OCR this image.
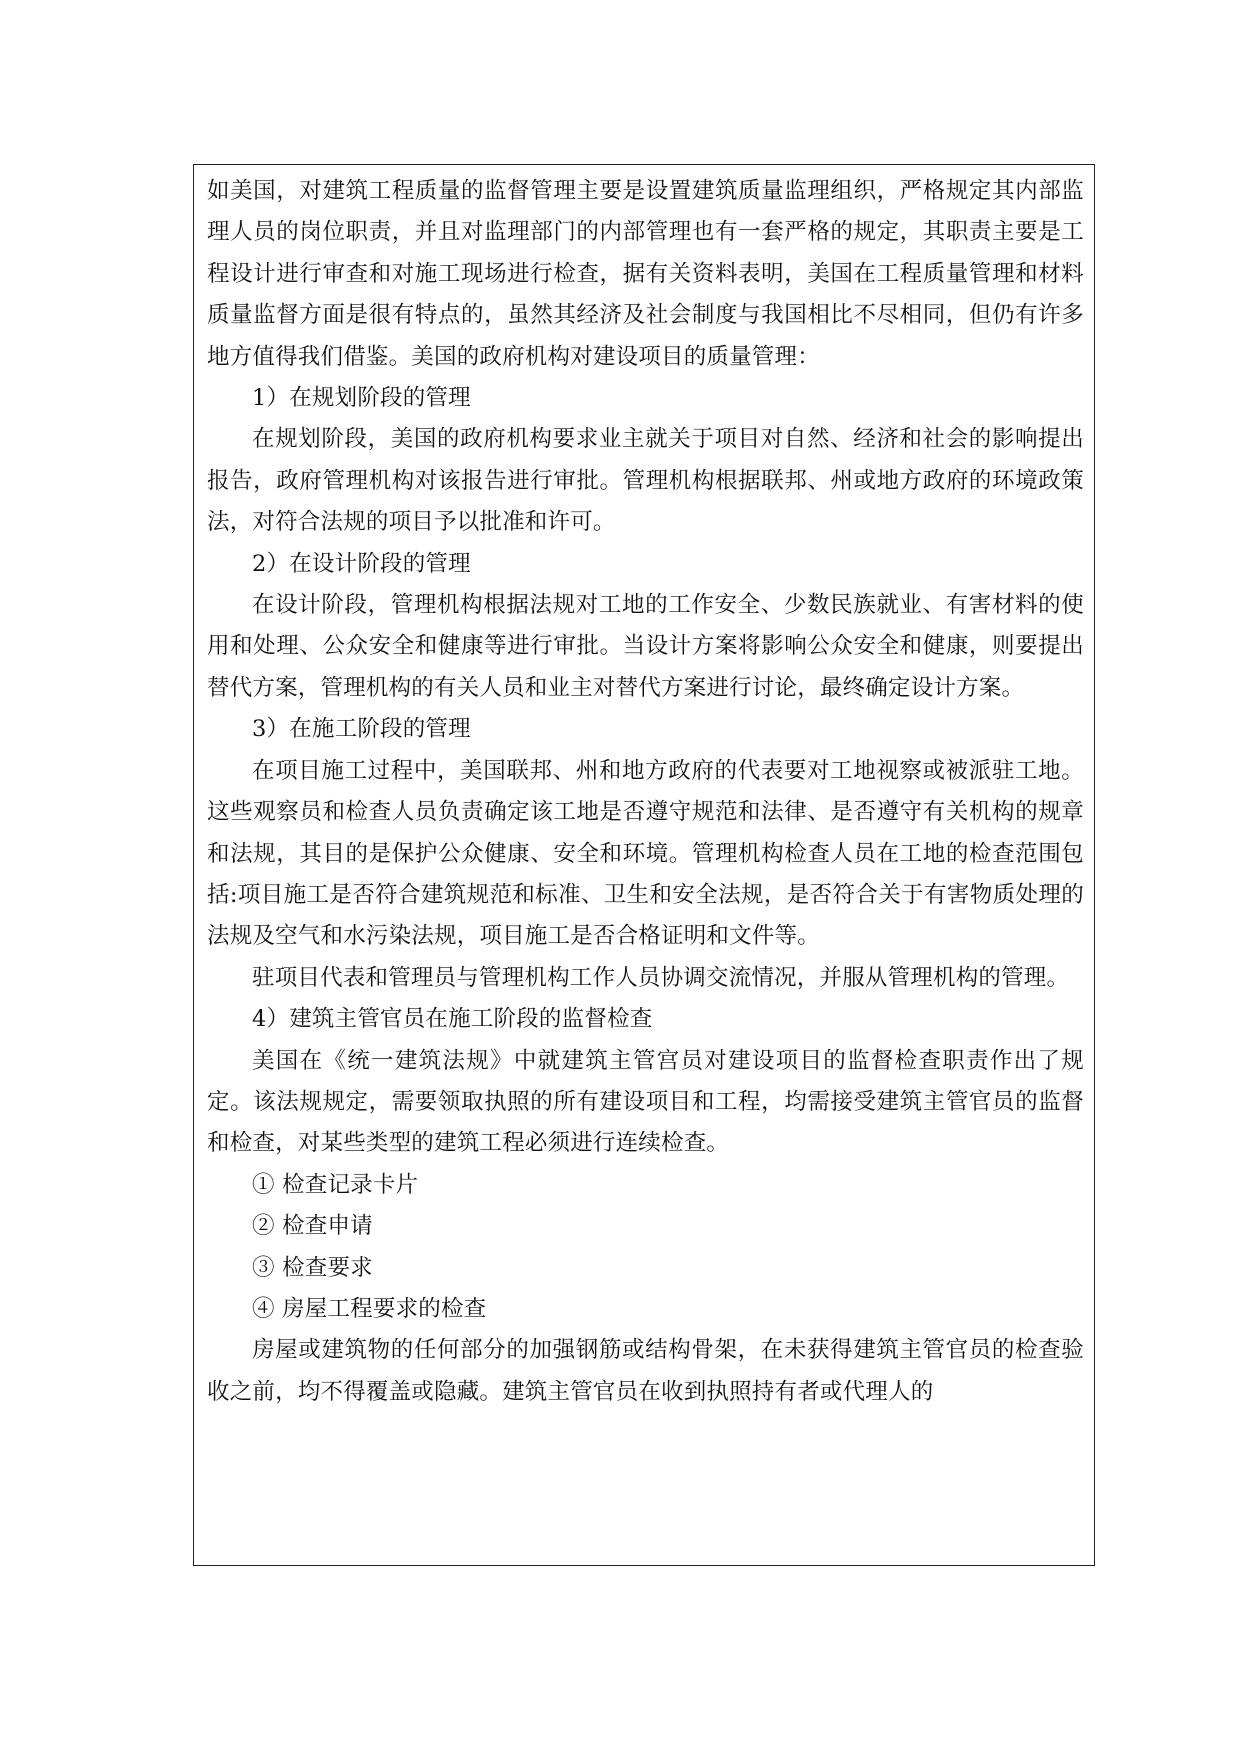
如美国，对建筑工程质量的监督管理主要是设置建筑质量监理组织，严格规定其内部监理人员的岗位职责，并且对监理部门的内部管理也有一套严格的规定，其职责主要是工程设计进行审查和对施工现场进行检查，据有关资料表明，美国在工程质量管理和材料质量监督方面是很有特点的，虽然其经济及社会制度与我国相比不尽相同，但仍有许多地方值得我们借鉴。美国的政府机构对建设项目的质量管理：

1）在规划阶段的管理

在规划阶段，美国的政府机构要求业主就关于项目对自然、经济和社会的影响提出报告，政府管理机构对该报告进行审批。管理机构根据联邦、州或地方政府的环境政策法，对符合法规的项目予以批准和许可。

2）在设计阶段的管理

在设计阶段，管理机构根据法规对工地的工作安全、少数民族就业、有害材料的使用和处理、公众安全和健康等进行审批。当设计方案将影响公众安全和健康，则要提出替代方案，管理机构的有关人员和业主对替代方案进行讨论，最终确定设计方案。

3）在施工阶段的管理

在项目施工过程中，美国联邦、州和地方政府的代表要对工地视察或被派驻工地。这些观察员和检查人员负责确定该工地是否遵守规范和法律、是否遵守有关机构的规章和法规，其目的是保护公众健康、安全和环境。管理机构检查人员在工地的检查范围包括:项目施工是否符合建筑规范和标准、卫生和安全法规，是否符合关于有害物质处理的法规及空气和水污染法规，项目施工是否合格证明和文件等。

驻项目代表和管理员与管理机构工作人员协调交流情况，并服从管理机构的管理。

4）建筑主管官员在施工阶段的监督检查

美国在《统一建筑法规》中就建筑主管宫员对建设项目的监督检查职责作出了规定。该法规规定，需要领取执照的所有建设项目和工程，均需接受建筑主管官员的监督和检查，对某些类型的建筑工程必须进行连续检查。

① 检查记录卡片

② 检查申请

③ 检查要求

④ 房屋工程要求的检查

房屋或建筑物的任何部分的加强钢筋或结构骨架，在未获得建筑主管官员的检查验收之前，均不得覆盖或隐藏。建筑主管官员在收到执照持有者或代理人的
